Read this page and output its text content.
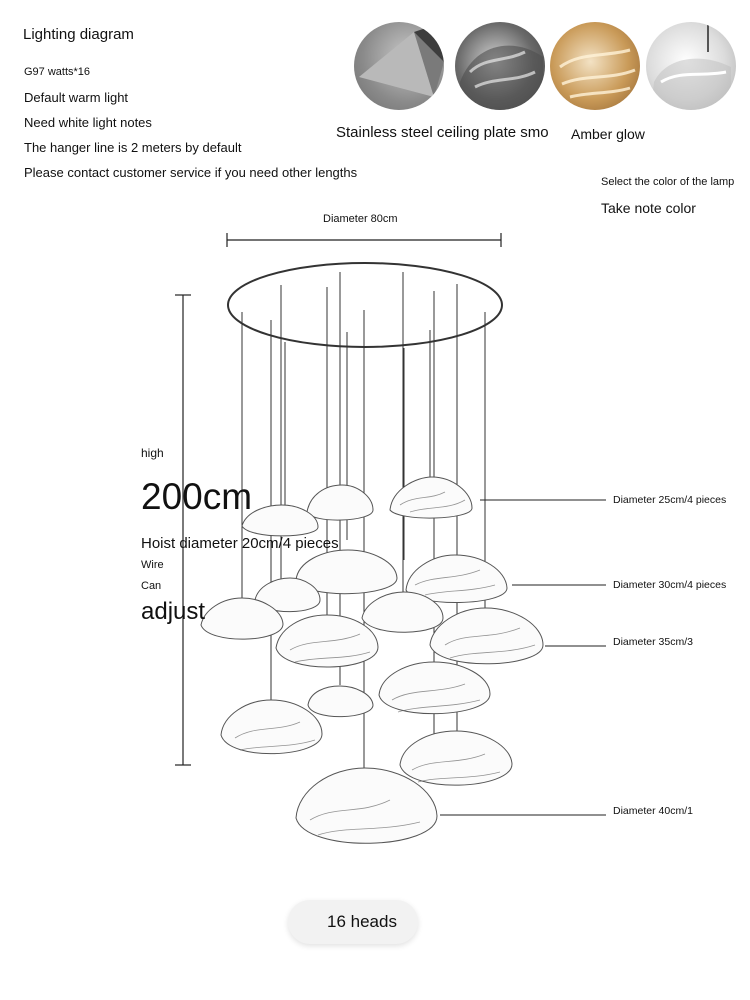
Lighting diagram
G97 watts*16
Default warm light
Need white light notes
The hanger line is 2 meters by default
Please contact customer service if you need other lengths
Stainless steel ceiling plate smo Amber glow
Select the color of the lamp
Take note color
Diameter 80cm
high
200cm
Hoist diameter 20cm/4 pieces
Wire
Can
adjust
Diameter 25cm/4 pieces
Diameter 30cm/4 pieces
Diameter 35cm/3
Diameter 40cm/1
16 heads
